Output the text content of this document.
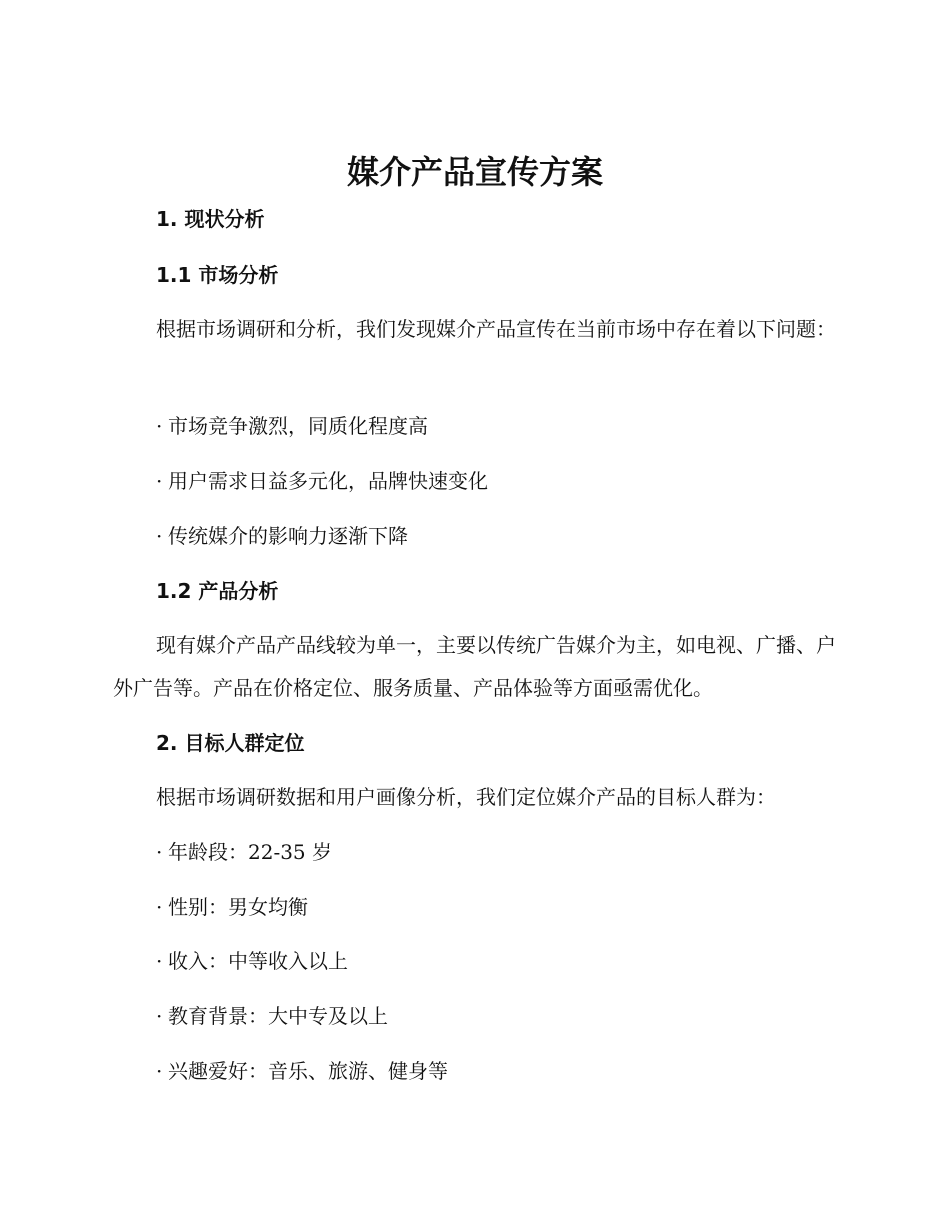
媒介产品宣传方案
1. 现状分析
1.1 市场分析

根据市场调研和分析，我们发现媒介产品宣传在当前市场中存在着以下问题：

· 市场竞争激烈，同质化程度高
· 用户需求日益多元化，品牌快速变化
· 传统媒介的影响力逐渐下降
1.2 产品分析

现有媒介产品产品线较为单一，主要以传统广告媒介为主，如电视、广播、户外广告等。产品在价格定位、服务质量、产品体验等方面亟需优化。

2. 目标人群定位

根据市场调研数据和用户画像分析，我们定位媒介产品的目标人群为：

· 年龄段：22-35 岁
· 性别：男女均衡
· 收入：中等收入以上
· 教育背景：大中专及以上
· 兴趣爱好：音乐、旅游、健身等
